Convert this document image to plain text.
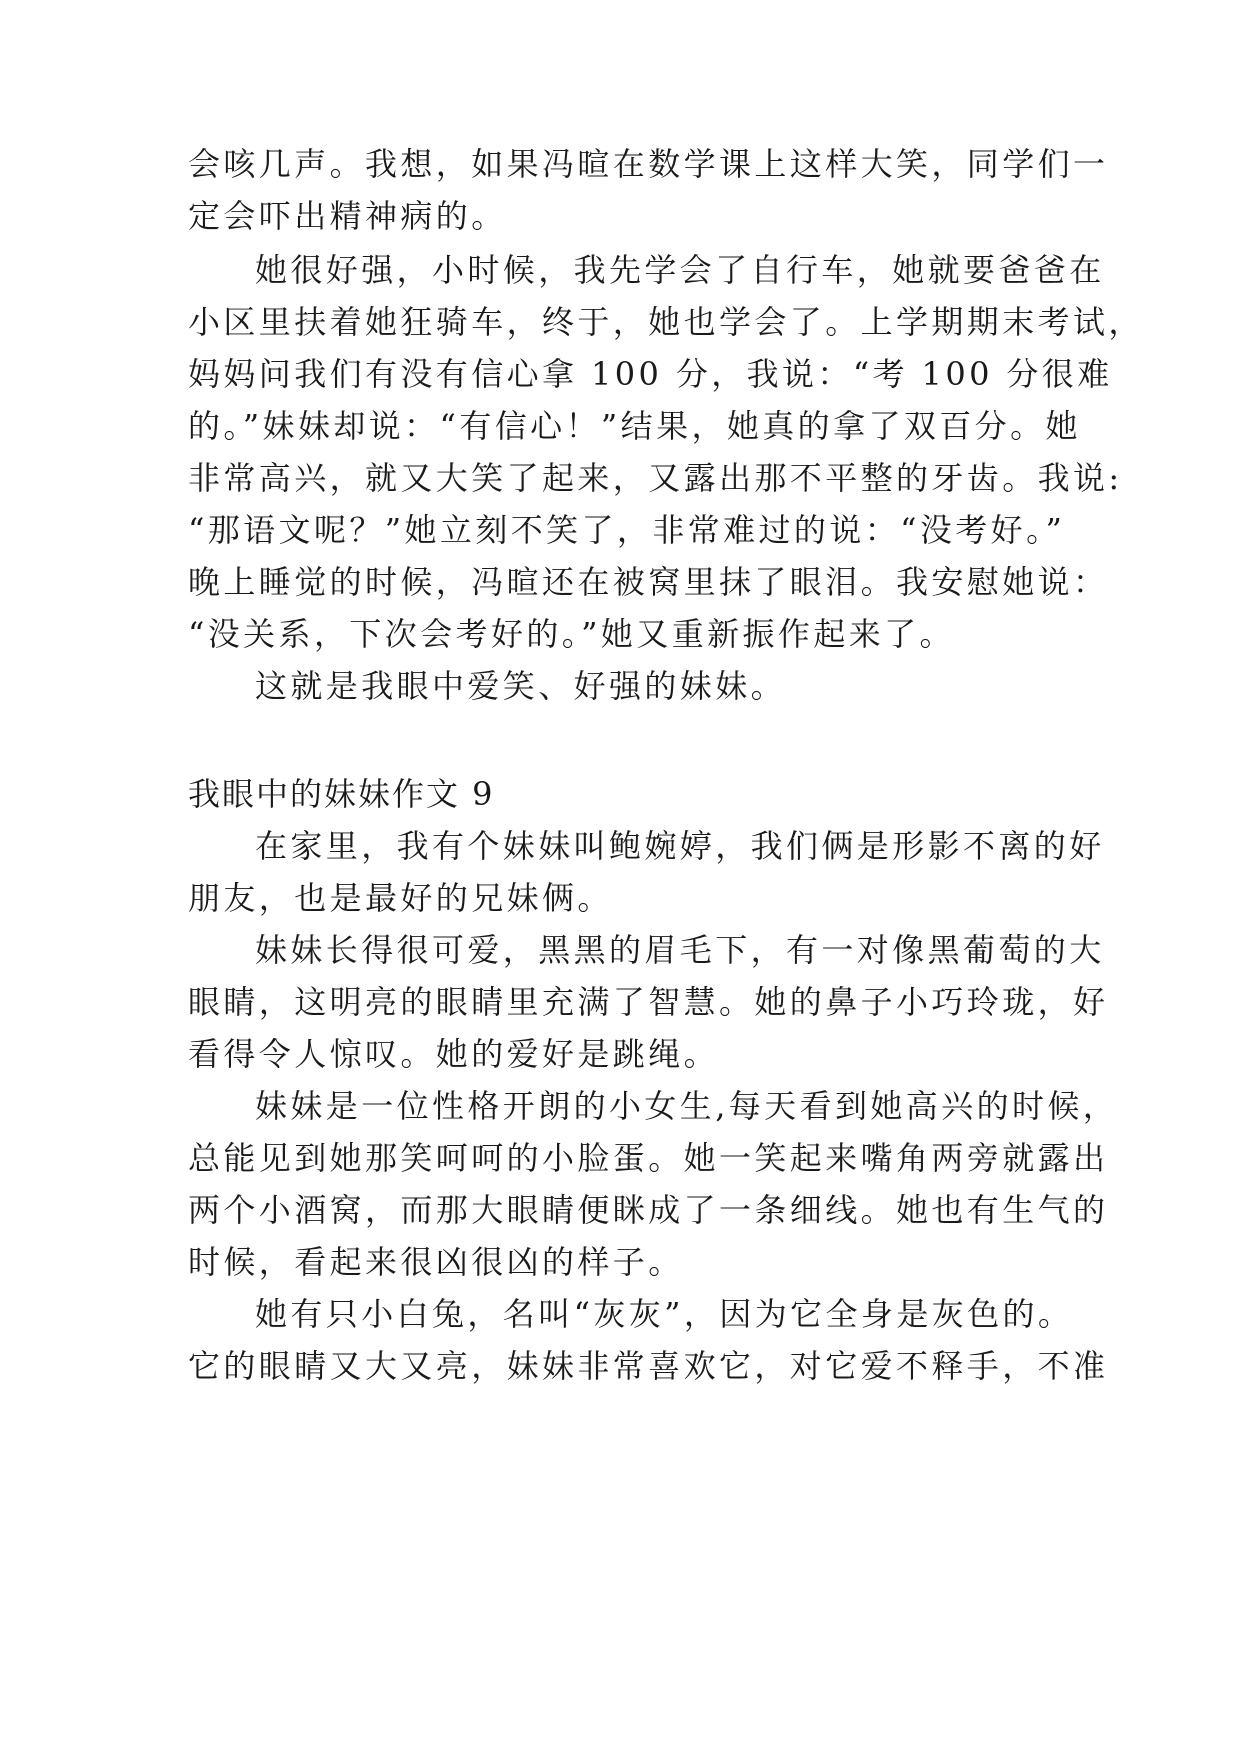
会咳几声。我想，如果冯暄在数学课上这样大笑，同学们一
定会吓出精神病的。
她很好强，小时候，我先学会了自行车，她就要爸爸在
小区里扶着她狂骑车，终于，她也学会了。上学期期末考试，
妈妈问我们有没有信心拿 100 分，我说：“考 100 分很难
的。”妹妹却说：“有信心！”结果，她真的拿了双百分。她
非常高兴，就又大笑了起来，又露出那不平整的牙齿。我说:
“那语文呢？”她立刻不笑了，非常难过的说：“没考好。”
晚上睡觉的时候，冯暄还在被窝里抹了眼泪。我安慰她说：
“没关系，下次会考好的。”她又重新振作起来了。
这就是我眼中爱笑、好强的妹妹。
我眼中的妹妹作文 9
在家里，我有个妹妹叫鲍婉婷，我们俩是形影不离的好
朋友，也是最好的兄妹俩。
妹妹长得很可爱，黑黑的眉毛下，有一对像黑葡萄的大
眼睛，这明亮的眼睛里充满了智慧。她的鼻子小巧玲珑，好
看得令人惊叹。她的爱好是跳绳。
妹妹是一位性格开朗的小女生,每天看到她高兴的时候，
总能见到她那笑呵呵的小脸蛋。她一笑起来嘴角两旁就露出
两个小酒窝，而那大眼睛便眯成了一条细线。她也有生气的
时候，看起来很凶很凶的样子。
她有只小白兔，名叫“灰灰”，因为它全身是灰色的。
它的眼睛又大又亮，妹妹非常喜欢它，对它爱不释手，不准
